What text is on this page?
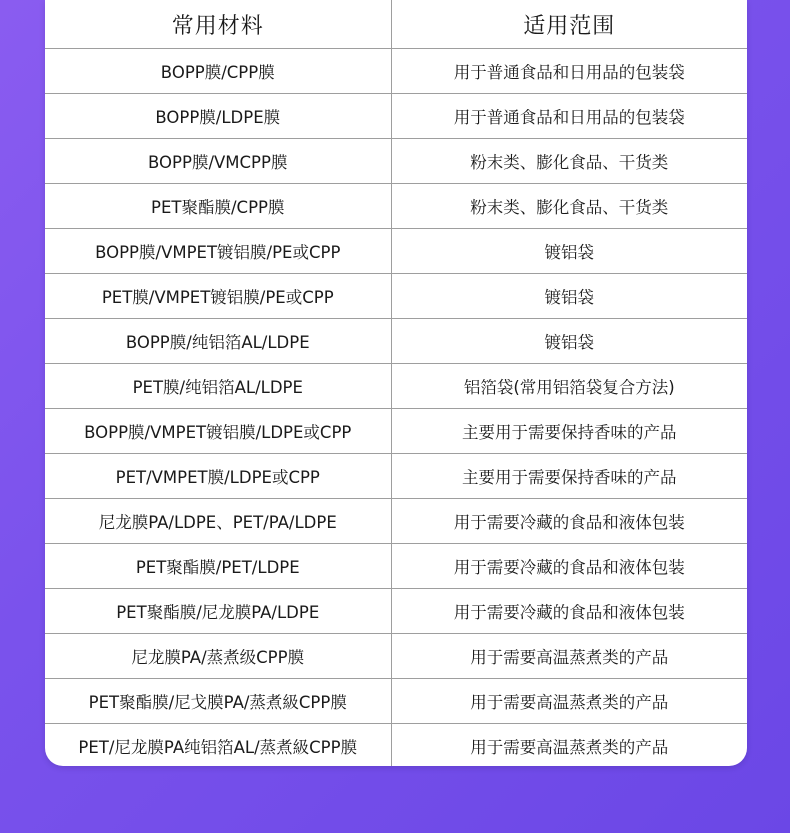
常用材料	适用范围
BOPP膜/CPP膜	用于普通食品和日用品的包装袋
BOPP膜/LDPE膜	用于普通食品和日用品的包装袋
BOPP膜/VMCPP膜	粉末类、膨化食品、干货类
PET聚酯膜/CPP膜	粉末类、膨化食品、干货类
BOPP膜/VMPET镀铝膜/PE或CPP	镀铝袋
PET膜/VMPET镀铝膜/PE或CPP	镀铝袋
BOPP膜/纯铝箔AL/LDPE	镀铝袋
PET膜/纯铝箔AL/LDPE	铝箔袋(常用铝箔袋复合方法)
BOPP膜/VMPET镀铝膜/LDPE或CPP	主要用于需要保持香味的产品
PET/VMPET膜/LDPE或CPP	主要用于需要保持香味的产品
尼龙膜PA/LDPE、PET/PA/LDPE	用于需要冷藏的食品和液体包装
PET聚酯膜/PET/LDPE	用于需要冷藏的食品和液体包装
PET聚酯膜/尼龙膜PA/LDPE	用于需要冷藏的食品和液体包装
尼龙膜PA/蒸煮级CPP膜	用于需要高温蒸煮类的产品
PET聚酯膜/尼戈膜PA/蒸煮級CPP膜	用于需要高温蒸煮类的产品
PET/尼龙膜PA纯铝箔AL/蒸煮級CPP膜	用于需要高温蒸煮类的产品
